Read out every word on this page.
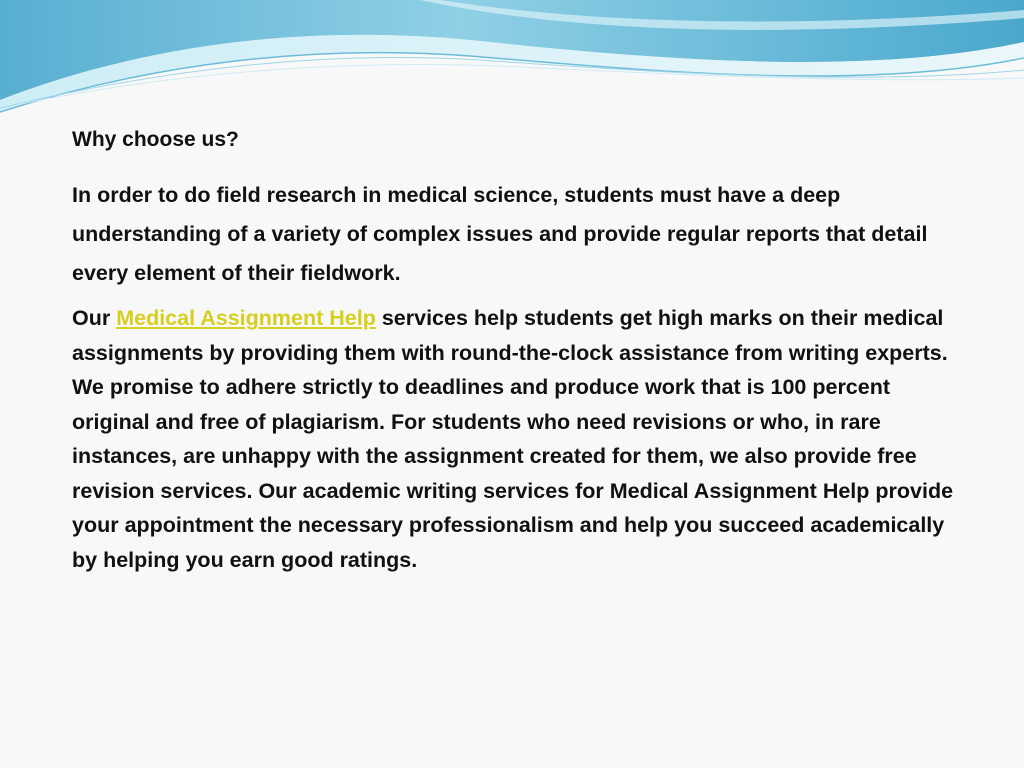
Why choose us?

In order to do field research in medical science, students must have a deep understanding of a variety of complex issues and provide regular reports that detail every element of their fieldwork.

Our Medical Assignment Help services help students get high marks on their medical assignments by providing them with round-the-clock assistance from writing experts. We promise to adhere strictly to deadlines and produce work that is 100 percent original and free of plagiarism. For students who need revisions or who, in rare instances, are unhappy with the assignment created for them, we also provide free revision services. Our academic writing services for Medical Assignment Help provide your appointment the necessary professionalism and help you succeed academically by helping you earn good ratings.
